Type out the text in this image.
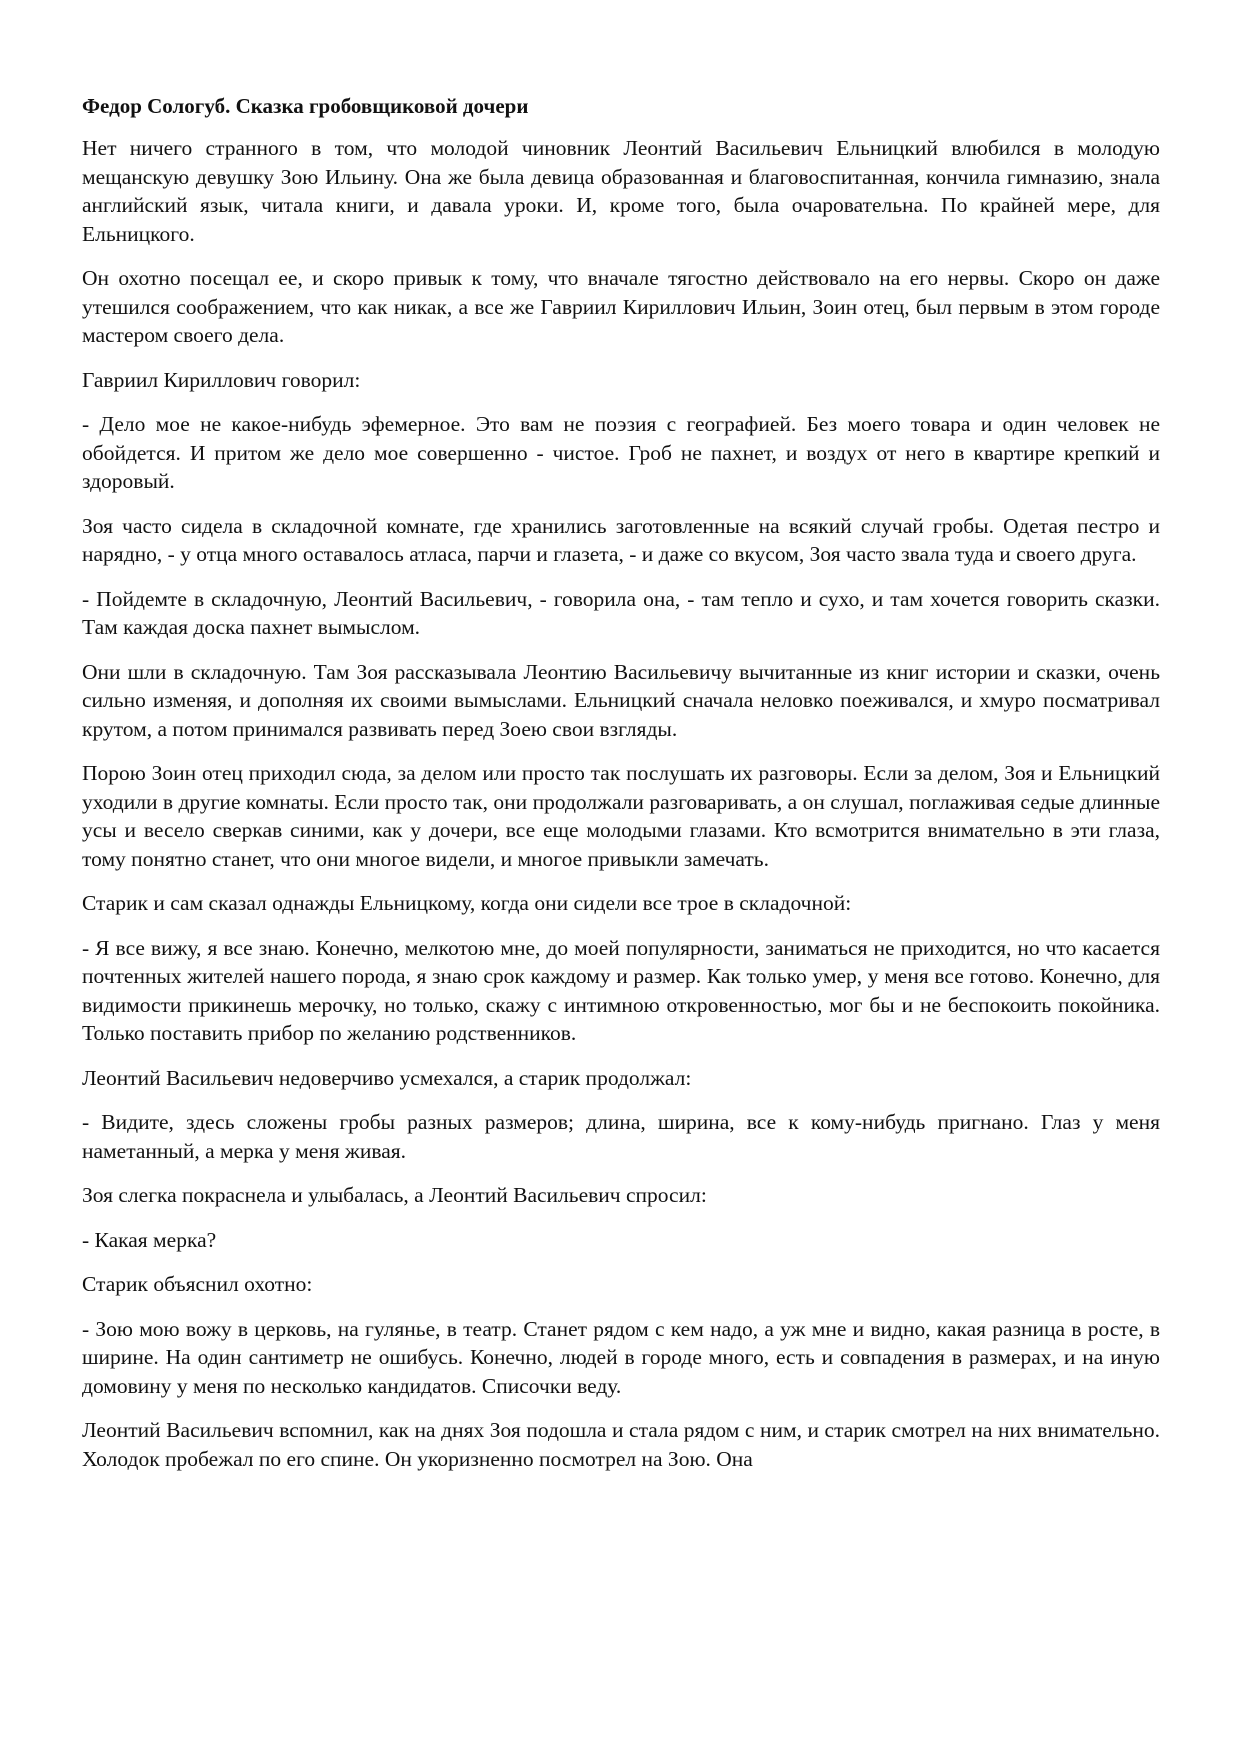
Федор Сологуб. Сказка гробовщиковой дочери

Нет ничего странного в том, что молодой чиновник Леонтий Васильевич Ельницкий влюбился в молодую мещанскую девушку Зою Ильину. Она же была девица образованная и благовоспитанная, кончила гимназию, знала английский язык, читала книги, и давала уроки. И, кроме того, была очаровательна. По крайней мере, для Ельницкого.

Он охотно посещал ее, и скоро привык к тому, что вначале тягостно действовало на его нервы. Скоро он даже утешился соображением, что как никак, а все же Гавриил Кириллович Ильин, Зоин отец, был первым в этом городе мастером своего дела.

Гавриил Кириллович говорил:

- Дело мое не какое-нибудь эфемерное. Это вам не поэзия с географией. Без моего товара и один человек не обойдется. И притом же дело мое совершенно - чистое. Гроб не пахнет, и воздух от него в квартире крепкий и здоровый.

Зоя часто сидела в складочной комнате, где хранились заготовленные на всякий случай гробы. Одетая пестро и нарядно, - у отца много оставалось атласа, парчи и глазета, - и даже со вкусом, Зоя часто звала туда и своего друга.

- Пойдемте в складочную, Леонтий Васильевич, - говорила она, - там тепло и сухо, и там хочется говорить сказки. Там каждая доска пахнет вымыслом.

Они шли в складочную. Там Зоя рассказывала Леонтию Васильевичу вычитанные из книг истории и сказки, очень сильно изменяя, и дополняя их своими вымыслами. Ельницкий сначала неловко поеживался, и хмуро посматривал крутом, а потом принимался развивать перед Зоею свои взгляды.

Порою Зоин отец приходил сюда, за делом или просто так послушать их разговоры. Если за делом, Зоя и Ельницкий уходили в другие комнаты. Если просто так, они продолжали разговаривать, а он слушал, поглаживая седые длинные усы и весело сверкав синими, как у дочери, все еще молодыми глазами. Кто всмотрится внимательно в эти глаза, тому понятно станет, что они многое видели, и многое привыкли замечать.

Старик и сам сказал однажды Ельницкому, когда они сидели все трое в складочной:

- Я все вижу, я все знаю. Конечно, мелкотою мне, до моей популярности, заниматься не приходится, но что касается почтенных жителей нашего порода, я знаю срок каждому и размер. Как только умер, у меня все готово. Конечно, для видимости прикинешь мерочку, но только, скажу с интимною откровенностью, мог бы и не беспокоить покойника. Только поставить прибор по желанию родственников.

Леонтий Васильевич недоверчиво усмехался, а старик продолжал:

- Видите, здесь сложены гробы разных размеров; длина, ширина, все к кому-нибудь пригнано. Глаз у меня наметанный, а мерка у меня живая.

Зоя слегка покраснела и улыбалась, а Леонтий Васильевич спросил:

- Какая мерка?

Старик объяснил охотно:

- Зою мою вожу в церковь, на гулянье, в театр. Станет рядом с кем надо, а уж мне и видно, какая разница в росте, в ширине. На один сантиметр не ошибусь. Конечно, людей в городе много, есть и совпадения в размерах, и на иную домовину у меня по несколько кандидатов. Списочки веду.

Леонтий Васильевич вспомнил, как на днях Зоя подошла и стала рядом с ним, и старик смотрел на них внимательно. Холодок пробежал по его спине. Он укоризненно посмотрел на Зою. Она
